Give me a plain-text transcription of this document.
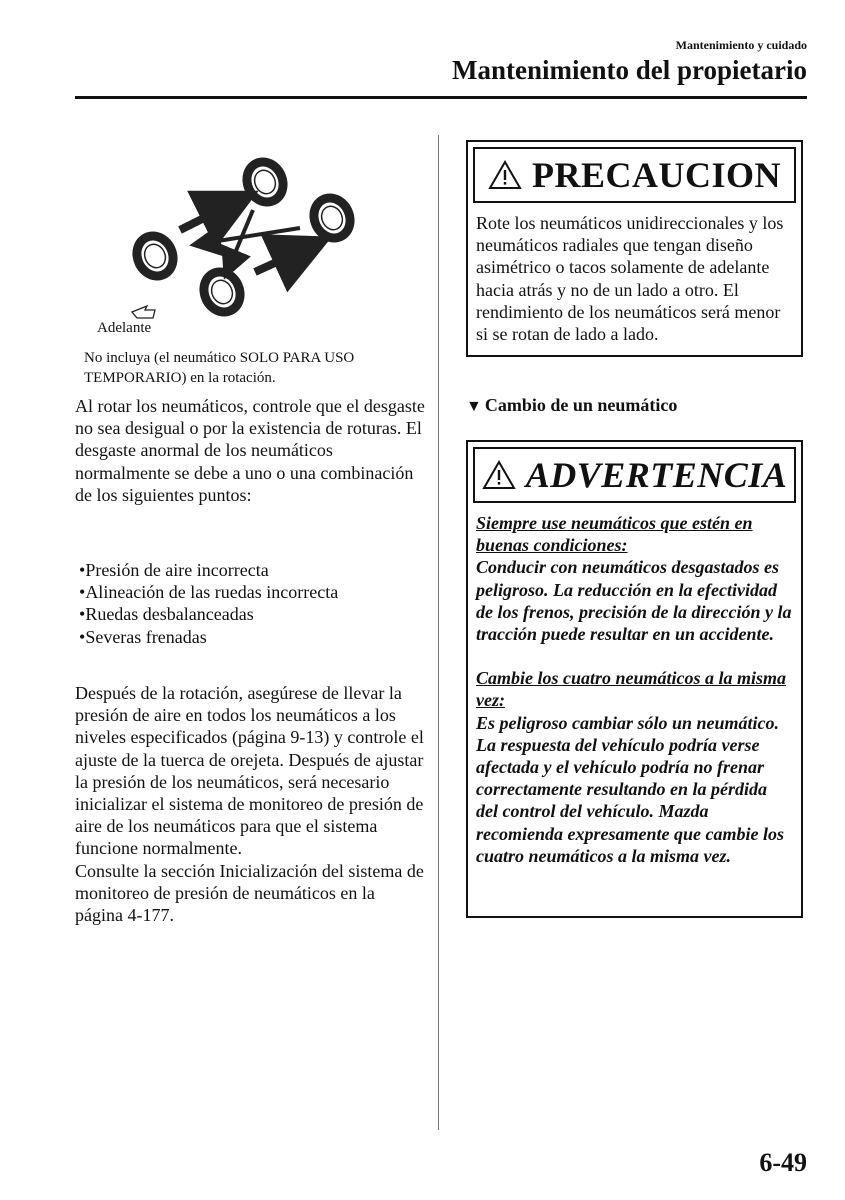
Mantenimiento y cuidado
Mantenimiento del propietario
Adelante
No incluya (el neumático SOLO PARA USO TEMPORARIO) en la rotación.
Al rotar los neumáticos, controle que el desgaste no sea desigual o por la existencia de roturas. El desgaste anormal de los neumáticos normalmente se debe a uno o una combinación de los siguientes puntos:
• Presión de aire incorrecta
• Alineación de las ruedas incorrecta
• Ruedas desbalanceadas
• Severas frenadas

Después de la rotación, asegúrese de llevar la presión de aire en todos los neumáticos a los niveles especificados (página 9-13) y controle el ajuste de la tuerca de orejeta. Después de ajustar la presión de los neumáticos, será necesario inicializar el sistema de monitoreo de presión de aire de los neumáticos para que el sistema funcione normalmente.

Consulte la sección Inicialización del sistema de monitoreo de presión de neumáticos en la página 4-177.

PRECAUCION
Rote los neumáticos unidireccionales y los neumáticos radiales que tengan diseño asimétrico o tacos solamente de adelante hacia atrás y no de un lado a otro. El rendimiento de los neumáticos será menor si se rotan de lado a lado.
▼ Cambio de un neumático
ADVERTENCIA
Siempre use neumáticos que estén en buenas condiciones:
Conducir con neumáticos desgastados es peligroso. La reducción en la efectividad de los frenos, precisión de la dirección y la tracción puede resultar en un accidente.
Cambie los cuatro neumáticos a la misma vez:
Es peligroso cambiar sólo un neumático. La respuesta del vehículo podría verse afectada y el vehículo podría no frenar correctamente resultando en la pérdida del control del vehículo. Mazda recomienda expresamente que cambie los cuatro neumáticos a la misma vez.
6-49
